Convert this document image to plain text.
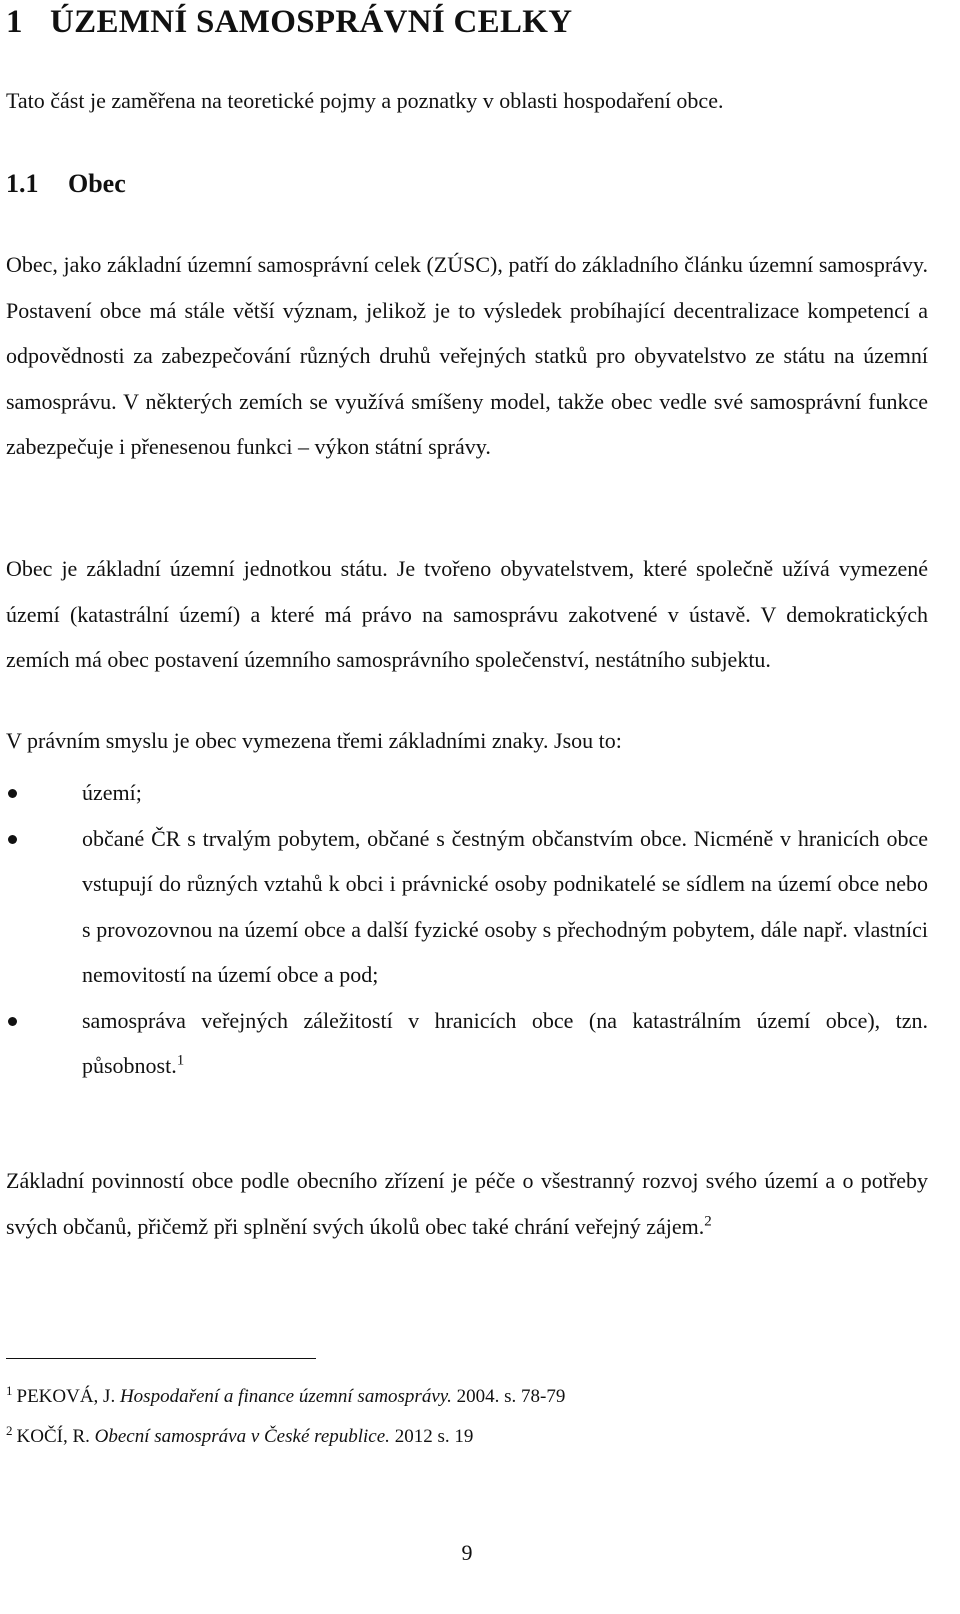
1 ÚZEMNÍ SAMOSPRÁVNÍ CELKY

Tato část je zaměřena na teoretické pojmy a poznatky v oblasti hospodaření obce.

1.1 Obec

Obec, jako základní územní samosprávní celek (ZÚSC), patří do základního článku územní samosprávy. Postavení obce má stále větší význam, jelikož je to výsledek probíhající decentralizace kompetencí a odpovědnosti za zabezpečování různých druhů veřejných statků pro obyvatelstvo ze státu na územní samosprávu. V některých zemích se využívá smíšeny model, takže obec vedle své samosprávní funkce zabezpečuje i přenesenou funkci – výkon státní správy.

Obec je základní územní jednotkou státu. Je tvořeno obyvatelstvem, které společně užívá vymezené území (katastrální území) a které má právo na samosprávu zakotvené v ústavě. V demokratických zemích má obec postavení územního samosprávního společenství, nestátního subjektu.

V právním smyslu je obec vymezena třemi základními znaky. Jsou to:

území;
občané ČR s trvalým pobytem, občané s čestným občanstvím obce. Nicméně v hranicích obce vstupují do různých vztahů k obci i právnické osoby podnikatelé se sídlem na území obce nebo s provozovnou na území obce a další fyzické osoby s přechodným pobytem, dále např. vlastníci nemovitostí na území obce a pod;
samospráva veřejných záležitostí v hranicích obce (na katastrálním území obce), tzn. působnost.$^1$

Základní povinností obce podle obecního zřízení je péče o všestranný rozvoj svého území a o potřeby svých občanů, přičemž při splnění svých úkolů obec také chrání veřejný zájem.$^2$

$^1$ PEKOVÁ, J. Hospodaření a finance územní samosprávy. 2004. s. 78-79

$^2$ KOČÍ, R. Obecní samospráva v České republice. 2012 s. 19

9
